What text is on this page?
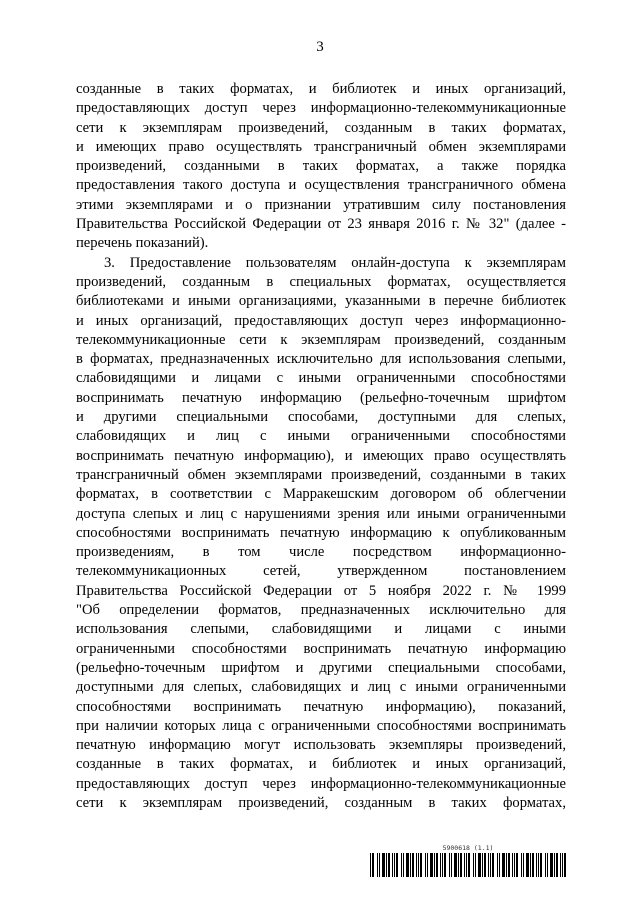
3
созданные в таких форматах, и библиотек и иных организаций,
предоставляющих доступ через информационно-телекоммуникационные
сети к экземплярам произведений, созданным в таких форматах,
и имеющих право осуществлять трансграничный обмен экземплярами
произведений, созданными в таких форматах, а также порядка
предоставления такого доступа и осуществления трансграничного обмена
этими экземплярами и о признании утратившим силу постановления
Правительства Российской Федерации от 23 января 2016 г. № 32" (далее -
перечень показаний).
3. Предоставление пользователям онлайн-доступа к экземплярам
произведений, созданным в специальных форматах, осуществляется
библиотеками и иными организациями, указанными в перечне библиотек
и иных организаций, предоставляющих доступ через информационно-
телекоммуникационные сети к экземплярам произведений, созданным
в форматах, предназначенных исключительно для использования слепыми,
слабовидящими и лицами с иными ограниченными способностями
воспринимать печатную информацию (рельефно-точечным шрифтом
и другими специальными способами, доступными для слепых,
слабовидящих и лиц с иными ограниченными способностями
воспринимать печатную информацию), и имеющих право осуществлять
трансграничный обмен экземплярами произведений, созданными в таких
форматах, в соответствии с Марракешским договором об облегчении
доступа слепых и лиц с нарушениями зрения или иными ограниченными
способностями воспринимать печатную информацию к опубликованным
произведениям, в том числе посредством информационно-
телекоммуникационных сетей, утвержденном постановлением
Правительства Российской Федерации от 5 ноября 2022 г. № 1999
"Об определении форматов, предназначенных исключительно для
использования слепыми, слабовидящими и лицами с иными
ограниченными способностями воспринимать печатную информацию
(рельефно-точечным шрифтом и другими специальными способами,
доступными для слепых, слабовидящих и лиц с иными ограниченными
способностями воспринимать печатную информацию), показаний,
при наличии которых лица с ограниченными способностями воспринимать
печатную информацию могут использовать экземпляры произведений,
созданные в таких форматах, и библиотек и иных организаций,
предоставляющих доступ через информационно-телекоммуникационные
сети к экземплярам произведений, созданным в таких форматах,
5900618 (1.1)
